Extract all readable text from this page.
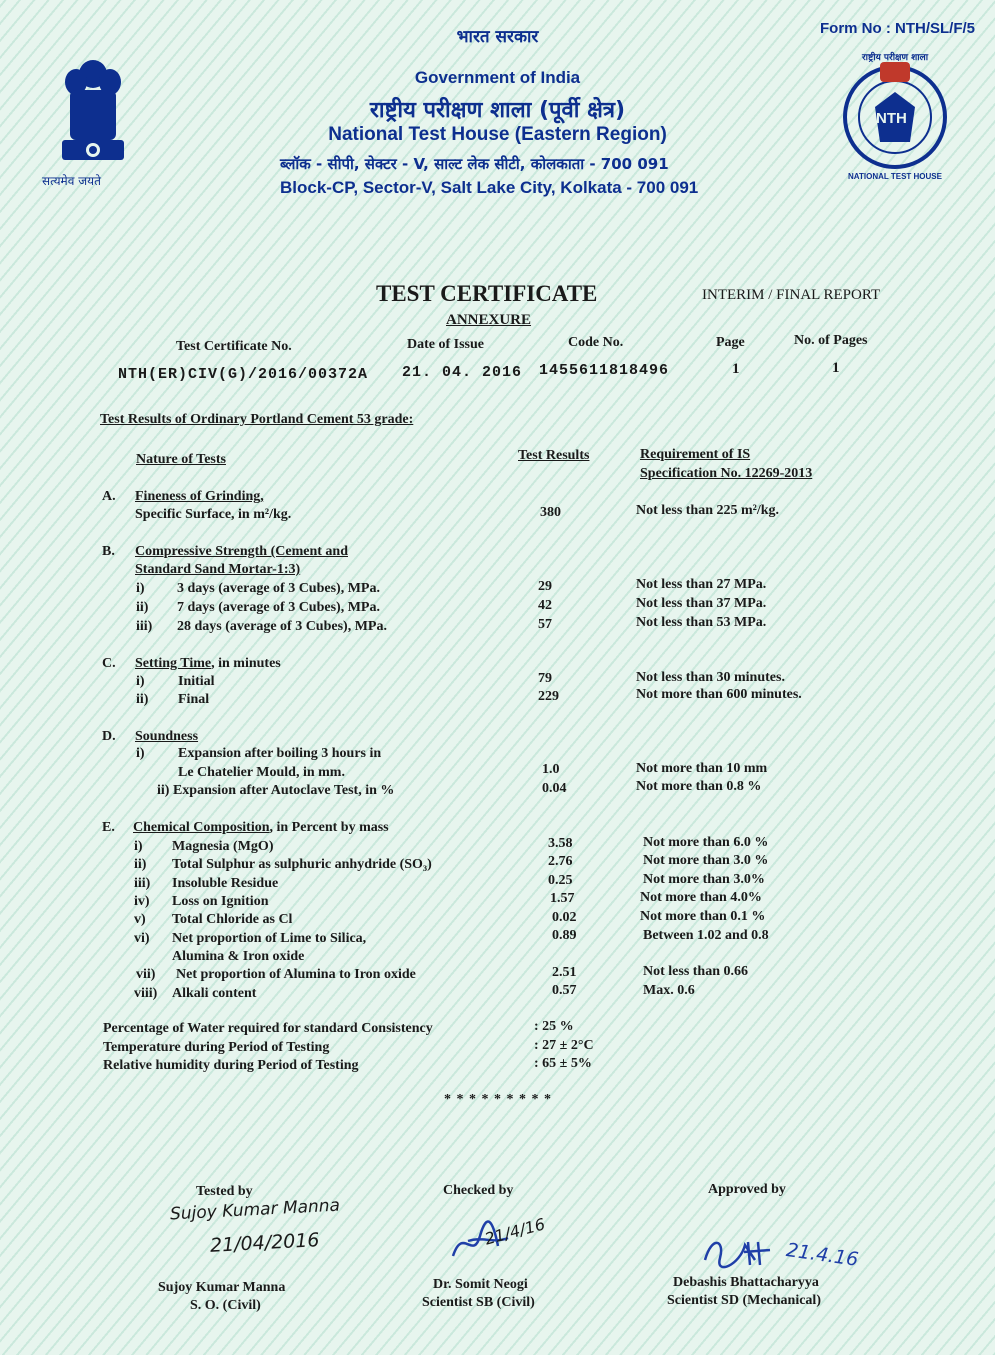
Form No : NTH/SL/F/5
सत्यमेव जयते
भारत सरकार
Government of India
राष्ट्रीय परीक्षण शाला (पूर्वी क्षेत्र)
National Test House (Eastern Region)
ब्लॉक - सीपी, सेक्टर - V, साल्ट लेक सीटी, कोलकाता - 700 091
Block-CP, Sector-V, Salt Lake City, Kolkata - 700 091
NTH
NATIONAL TEST HOUSE
राष्ट्रीय परीक्षण शाला
TEST CERTIFICATE	INTERIM / FINAL REPORT
ANNEXURE
Test Certificate No.	Date of Issue	Code No.	Page	No. of Pages
NTH(ER)CIV(G)/2016/00372A 21. 04. 2016 1455611818496	1	1
Test Results of Ordinary Portland Cement 53 grade:
Nature of Tests	Test Results	Requirement of IS
Specification No. 12269-2013
A. Fineness of Grinding,
Specific Surface, in m²/kg.	380	Not less than 225 m²/kg.
B. Compressive Strength (Cement and
Standard Sand Mortar-1:3)
i) 3 days (average of 3 Cubes), MPa.	29	Not less than 27 MPa.
ii) 7 days (average of 3 Cubes), MPa.	42	Not less than 37 MPa.
iii) 28 days (average of 3 Cubes), MPa.	57	Not less than 53 MPa.
C. Setting Time, in minutes
i) Initial	79	Not less than 30 minutes.
ii) Final	229	Not more than 600 minutes.
D. Soundness
i) Expansion after boiling 3 hours in
Le Chatelier Mould, in mm.	1.0	Not more than 10 mm
ii) Expansion after Autoclave Test, in %	0.04	Not more than 0.8 %
E. Chemical Composition, in Percent by mass
i) Magnesia (MgO)	3.58	Not more than 6.0 %
ii) Total Sulphur as sulphuric anhydride (SO₃)	2.76	Not more than 3.0 %
iii) Insoluble Residue	0.25	Not more than 3.0%
iv) Loss on Ignition	1.57	Not more than 4.0%
v) Total Chloride as Cl	0.02	Not more than 0.1 %
vi) Net proportion of Lime to Silica,
Alumina & Iron oxide
0.89	Between 1.02 and 0.8
vii) Net proportion of Alumina to Iron oxide	2.51	Not less than 0.66
viii) Alkali content	0.57	Max. 0.6
Percentage of Water required for standard Consistency	: 25 %
Temperature during Period of Testing	: 27 ± 2°C
Relative humidity during Period of Testing	: 65 ± 5%
* * * * * * * * *
Tested by
Sujoy Kumar Manna
21/04/2016
Sujoy Kumar Manna
S. O. (Civil)
Checked by
21/4/16
Dr. Somit Neogi
Scientist SB (Civil)
Approved by
21.4.16
Debashis Bhattacharyya
Scientist SD (Mechanical)
